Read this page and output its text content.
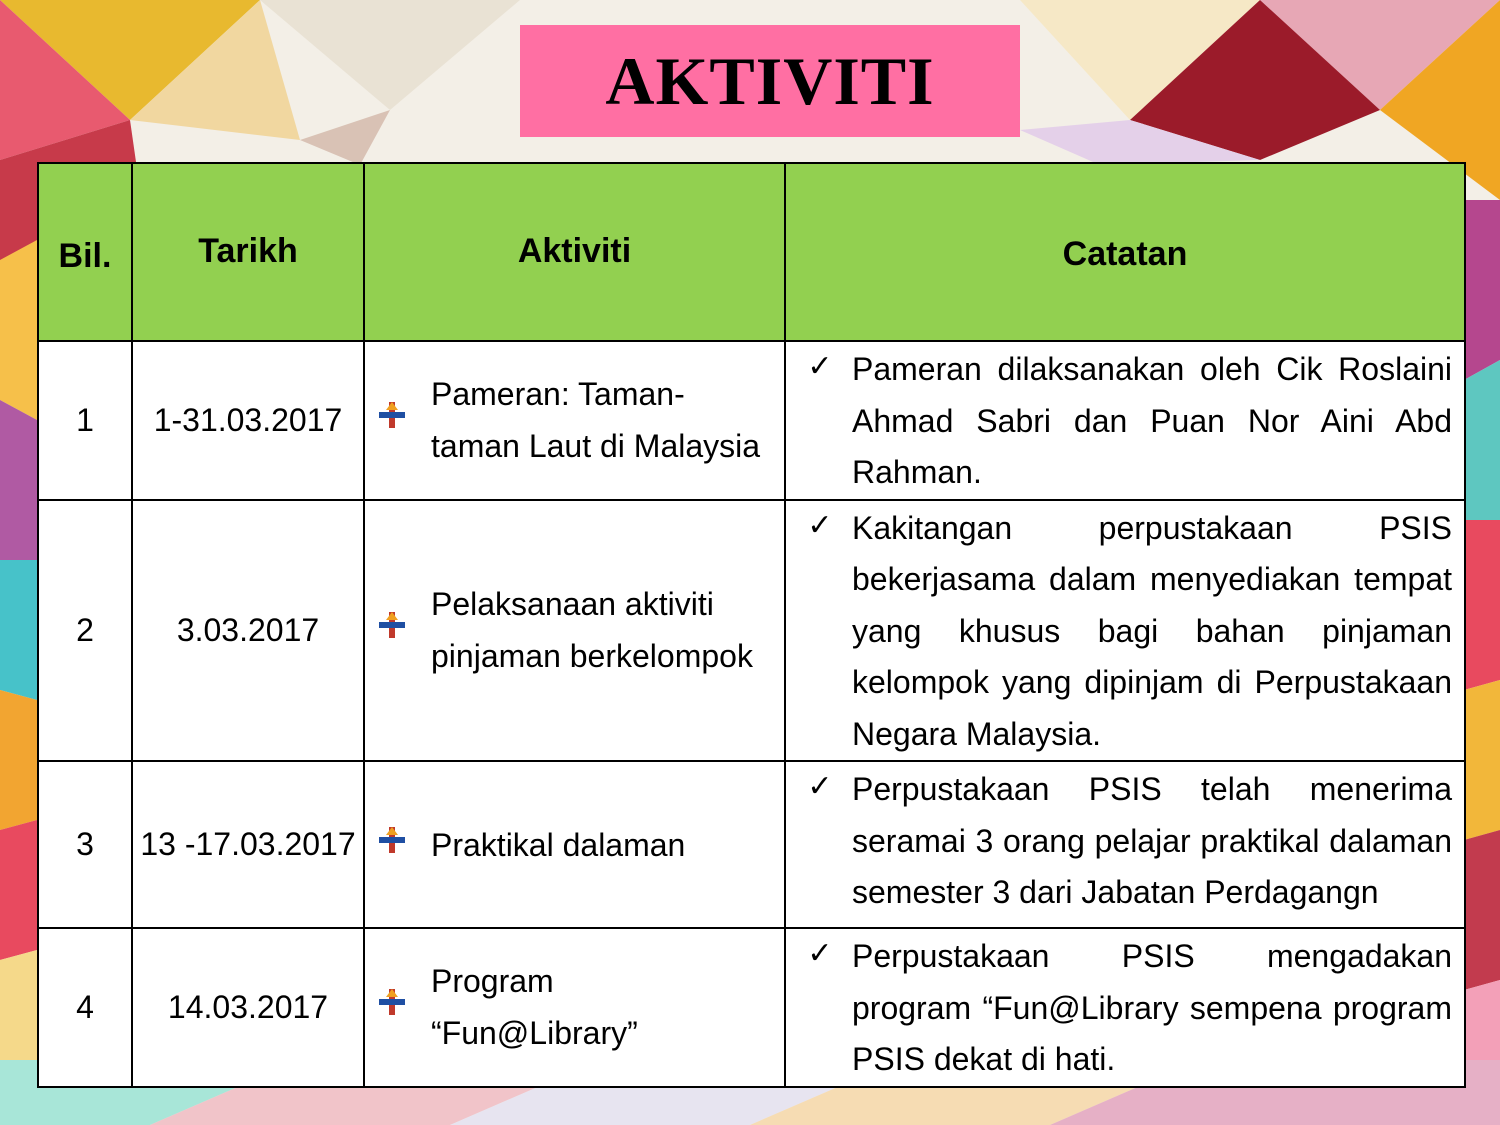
AKTIVITI
Bil.	Tarikh	Aktiviti	Catatan
1	1-31.03.2017	Pameran: Taman-taman Laut di Malaysia	✓ Pameran dilaksanakan oleh Cik Roslaini Ahmad Sabri dan Puan Nor Aini Abd Rahman.

2	3.03.2017	Pelaksanaan aktiviti pinjaman berkelompok	✓ Kakitangan perpustakaan PSIS bekerjasama dalam menyediakan tempat yang khusus bagi bahan pinjaman kelompok yang dipinjam di Perpustakaan Negara Malaysia.

3	13 -17.03.2017	Praktikal dalaman	✓ Perpustakaan PSIS telah menerima seramai 3 orang pelajar praktikal dalaman semester 3 dari Jabatan Perdagangn

4	14.03.2017	Program “Fun@Library”	✓ Perpustakaan PSIS mengadakan program “Fun@Library sempena program PSIS dekat di hati.
